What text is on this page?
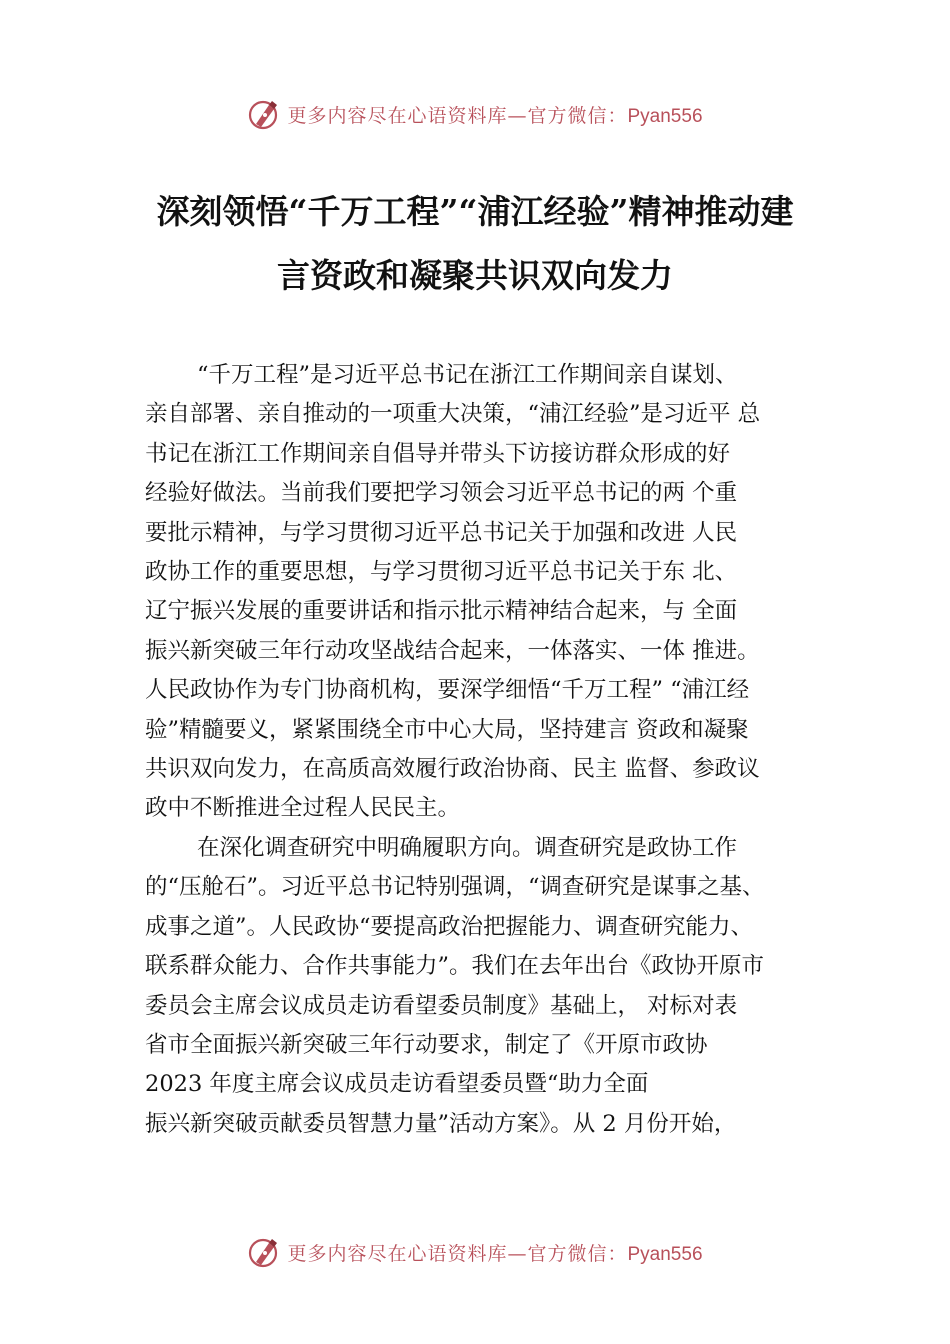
更多内容尽在心语资料库—官方微信：Pyan556
深刻领悟“千万工程”“浦江经验”精神推动建
言资政和凝聚共识双向发力

“千万工程”是习近平总书记在浙江工作期间亲自谋划、
亲自部署、亲自推动的一项重大决策，“浦江经验”是习近平 总
书记在浙江工作期间亲自倡导并带头下访接访群众形成的好
经验好做法。当前我们要把学习领会习近平总书记的两 个重
要批示精神，与学习贯彻习近平总书记关于加强和改进 人民
政协工作的重要思想，与学习贯彻习近平总书记关于东 北、
辽宁振兴发展的重要讲话和指示批示精神结合起来，与 全面
振兴新突破三年行动攻坚战结合起来，一体落实、一体 推进。
人民政协作为专门协商机构，要深学细悟“千万工程” “浦江经
验”精髓要义，紧紧围绕全市中心大局，坚持建言 资政和凝聚
共识双向发力，在高质高效履行政治协商、民主 监督、参政议
政中不断推进全过程人民民主。

在深化调查研究中明确履职方向。调查研究是政协工作
的“压舱石”。习近平总书记特别强调，“调查研究是谋事之基、
成事之道”。人民政协“要提高政治把握能力、调查研究能力、
联系群众能力、合作共事能力”。我们在去年出台《政协开原市
委员会主席会议成员走访看望委员制度》基础上， 对标对表
省市全面振兴新突破三年行动要求，制定了《开原市政协
2023 年度主席会议成员走访看望委员暨“助力全面
振兴新突破贡献委员智慧力量”活动方案》。从 2 月份开始，

更多内容尽在心语资料库—官方微信：Pyan556
